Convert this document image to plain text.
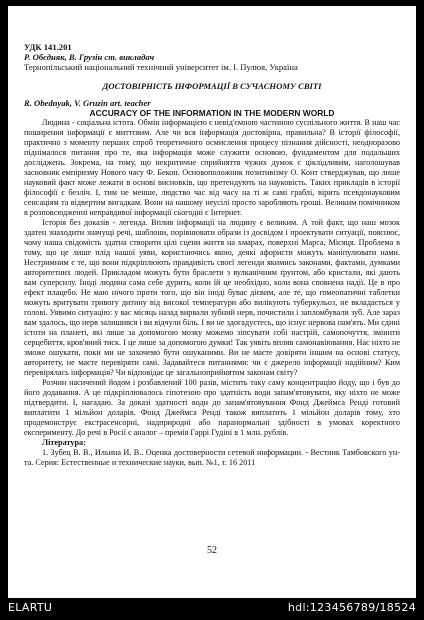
УДК 141.201

Р. Обєдняк, В. Грузін ст. викладач

Тернопільський національний технічний університет ім. І. Пулюя, Україна

ДОСТОВІРНІСТЬ ІНФОРМАЦІЇ В СУЧАСНОМУ СВІТІ

R. Obednyak, V. Gruzin art. teacher

ACCURACY OF THE INFORMATION IN THE MODERN WORLD

Людина - соціальна істота. Обмін інформацією є невід'ємною частиною суспільного життя. В наш час поширення інформації є миттєвим. Але чи вся інформація достовірна, правильна? В історії філософії, практично з моменту перших спроб теоретичного осмислення процесу пізнання дійсності, неодноразово піднімалося питання про те, яка інформація може служити основою, фундаментом для подальших досліджень. Зокрема, на тому, що некритичне сприйняття чужих думок є ціклідливим, наголошував засновник емпіризму Нового часу Ф. Бекон. Основоположник позитивізму О. Конт стверджував, що лише науковий факт може лежати в основі висновків, що претендують на науковість. Таких прикладів в історії філософії є безліч. І, тим не менше, людство час від часу на ті ж самі граблі, вірить псевдонауковим сенсаціям та відвертим вигадкам. Вони на нашому неусілі просто заробляють гроші. Великим помічником в розповсюдженні неправдивої інформації сьогодні є Інтернет.

Історія без доказів - легенда. Вплив інформації на людину є великим. А той факт, що наш мозок здатен знаходити значущі речі, шаблони, порівнювати образи із досвідом і проектувати ситуації, пояснює, чому наша свідомість здатна створити цілі сцени життя на хмарах, поверхні Марса, Місяця. Проблема в тому, що це лише плід нашої уяви, користаючись якою, деякі афористи можуть маніпулювати нами. Нестримним є те, що вони підкріплюють правдивість своєї легенди якимись законами, фактами, думками авторитетних людей. Прикладом можуть бути браслети з вулканічним ґрунтом, або кристали, які дають вам суперсилу. Іноді людина сама себе дурить, коли їй це необхідно, коли вона сповнена надії. Це в про ефект плацебо. Не маю нічого проти того, що він іноді буває дієвим, але те, що гомеопатичні таблетки можуть вритувати тривогу дитину від високої температури або вилікують туберкульоз, не вкладається у голові. Уявимо ситуацію: у вас місяць назад вирвали зубний нерв, почистили і запломбували зуб. Але зараз вам здалось, що нерв залишився і ви відчули біль. І ви не здогадуєтесь, що існує нервова пам'ять. Ми єдині істоти на планеті, які лише за допомогою мозку можемо зіпсувати собі настрій, самопочуття, змінити серцебиття, кров'яний тиск. І це лише за допомогою думки! Так уявіть вплив самонавіювання. Нас ніхто не зможе ошукати, поки ми не захочемо бути ошуканими. Ви не маєте довіряти іншим на основі статусу, авторитету, не маєте перевіряти самі. Задавайтеся питаннями: чи є джерело інформації надійним? Ким перевірялась інформація? Чи відповідає це загальноприйнятим законам світу?

Розчин насичений йодом і розбавлений 100 разів, містить таку саму концентрацію йоду, що і був до його додавання. А це підкріплювалось гіпотезою про здатність води запам'ятовувати, яку ніхто не може підтвердити. І, нагадаю. За доказі здатності води до запам'ятовування Фонд Джеймса Ренді готовий виплатити 1 мільйон доларів. Фонд Джеймса Ренді також виплатить 1 мільйон доларів тому, хто продемонструє екстрасенсорні, надприродні або паранормальні здібності в умовах коректного експерименту. До речі в Росії є аналог – премія Гаррі Гудіні в 1 млн. рублів.

Література:

1. Зубец В. В., Ильина И. В.. Оценка достоверности сетевой информации. - Вестник Тамбовского ун-та. Серия: Естественные и технические науки, вып. №1, т. 16 2011

52
ELARTU	hdl:123456789/18524
